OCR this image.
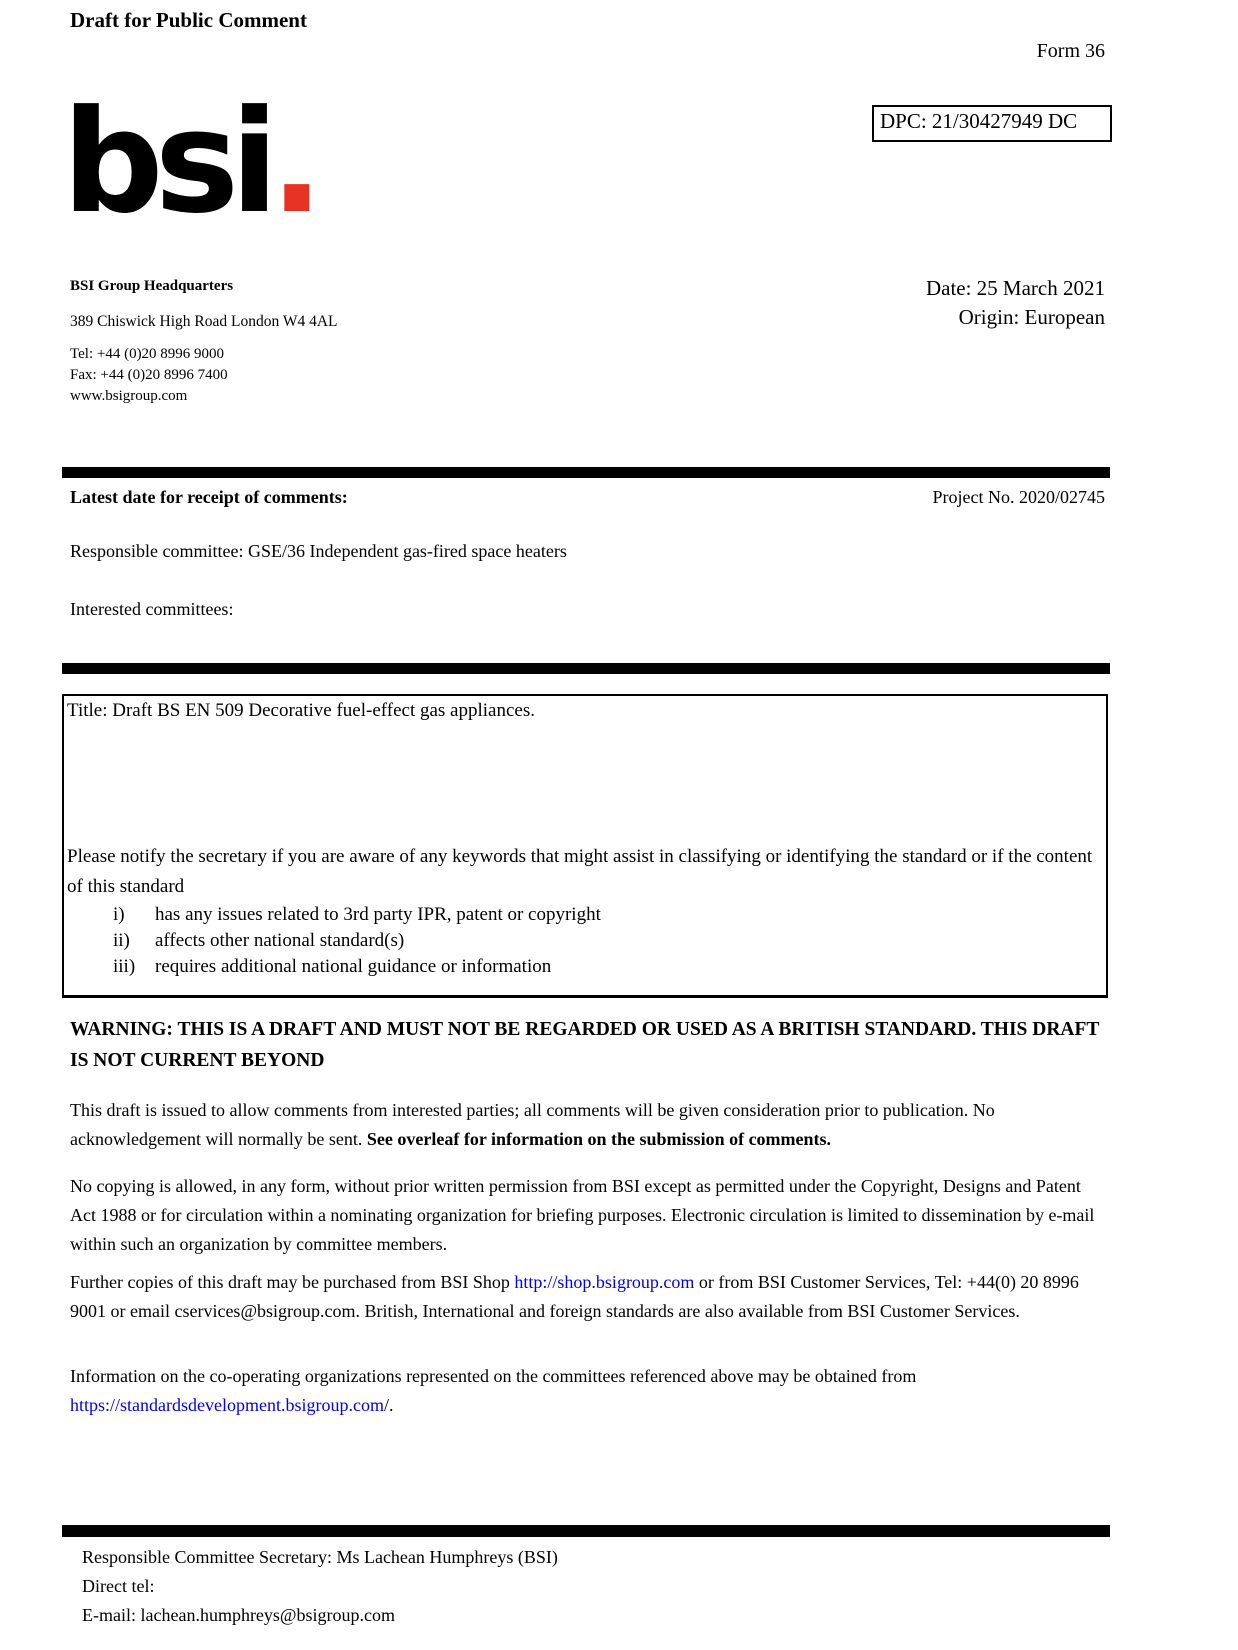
Draft for Public Comment
Form 36
DPC: 21/30427949 DC
bsi.
BSI Group Headquarters
389 Chiswick High Road London W4 4AL
Tel: +44 (0)20 8996 9000
Fax: +44 (0)20 8996 7400
www.bsigroup.com
Date: 25 March 2021
Origin: European
Latest date for receipt of comments:	Project No. 2020/02745
Responsible committee: GSE/36 Independent gas-fired space heaters
Interested committees:
Title: Draft BS EN 509 Decorative fuel-effect gas appliances.
Please notify the secretary if you are aware of any keywords that might assist in classifying or identifying the standard or if the content of this standard
i)	has any issues related to 3rd party IPR, patent or copyright
ii)	affects other national standard(s)
iii)	requires additional national guidance or information
WARNING: THIS IS A DRAFT AND MUST NOT BE REGARDED OR USED AS A BRITISH STANDARD. THIS DRAFT IS NOT CURRENT BEYOND
This draft is issued to allow comments from interested parties; all comments will be given consideration prior to publication. No acknowledgement will normally be sent. See overleaf for information on the submission of comments.
No copying is allowed, in any form, without prior written permission from BSI except as permitted under the Copyright, Designs and Patent Act 1988 or for circulation within a nominating organization for briefing purposes. Electronic circulation is limited to dissemination by e-mail within such an organization by committee members.
Further copies of this draft may be purchased from BSI Shop http://shop.bsigroup.com or from BSI Customer Services, Tel: +44(0) 20 8996 9001 or email cservices@bsigroup.com. British, International and foreign standards are also available from BSI Customer Services.
Information on the co-operating organizations represented on the committees referenced above may be obtained from https://standardsdevelopment.bsigroup.com/.
Responsible Committee Secretary: Ms Lachean Humphreys (BSI)
Direct tel:
E-mail: lachean.humphreys@bsigroup.com
